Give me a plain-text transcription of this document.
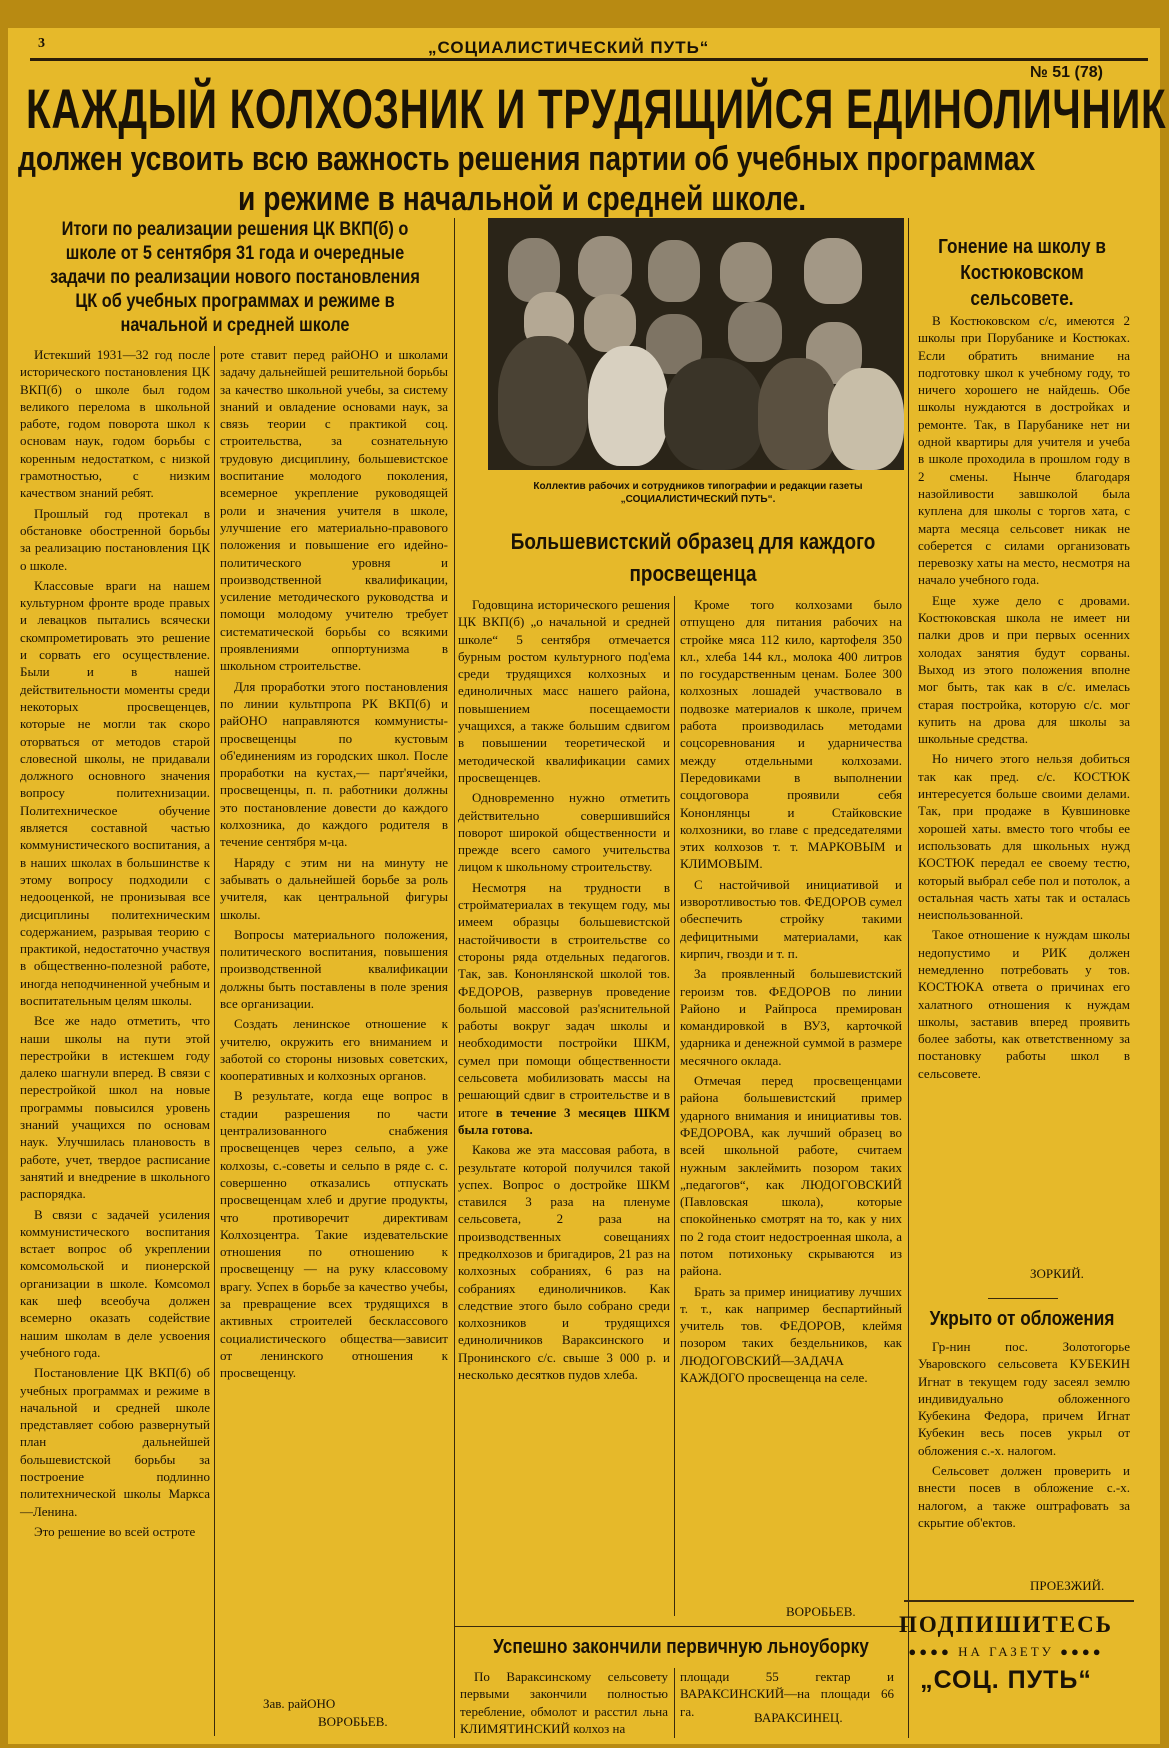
3	„СОЦИАЛИСТИЧЕСКИЙ ПУТЬ“
№ 51 (78)
КАЖДЫЙ КОЛХОЗНИК И ТРУДЯЩИЙСЯ ЕДИНОЛИЧНИК
должен усвоить всю важность решения партии об учебных программах
и режиме в начальной и средней школе.
Итоги по реализации решения ЦК ВКП(б) о школе от 5 сентября 31 года и очередные задачи по реализации нового постановления ЦК об учебных программах и режиме в начальной и средней школе

Истекший 1931—32 год после исторического постановления ЦК ВКП(б) о школе был годом великого перелома в школьной работе, годом поворота школ к основам наук, годом борьбы с коренным недостатком, с низкой грамотностью, с низким качеством знаний ребят.

Прошлый год протекал в обстановке обостренной борьбы за реализацию постановления ЦК о школе.

Классовые враги на нашем культурном фронте вроде правых и левацков пытались всячески скомпрометировать это решение и сорвать его осуществление. Были и в нашей действительности моменты среди некоторых просвещенцев, которые не могли так скоро оторваться от методов старой словесной школы, не придавали должного основного значения вопросу политехнизации. Политехническое обучение является составной частью коммунистического воспитания, а в наших школах в большинстве к этому вопросу подходили с недооценкой, не пронизывая все дисциплины политехническим содержанием, разрывая теорию с практикой, недостаточно участвуя в общественно-полезной работе, иногда неподчиненной учебным и воспитательным целям школы.

Все же надо отметить, что наши школы на пути этой перестройки в истекшем году далеко шагнули вперед. В связи с перестройкой школ на новые программы повысился уровень знаний учащихся по основам наук. Улучшилась плановость в работе, учет, твердое расписание занятий и внедрение в школьного распорядка.

В связи с задачей усиления коммунистического воспитания встает вопрос об укреплении комсомольской и пионерской организации в школе. Комсомол как шеф всеобуча должен всемерно оказать содействие нашим школам в деле усвоения учебного года.

Постановление ЦК ВКП(б) об учебных программах и режиме в начальной и средней школе представляет собою развернутый план дальнейшей большевистской борьбы за построение подлинно политехнической школы Маркса—Ленина.

Это решение во всей остроте

роте ставит перед райОНО и школами задачу дальнейшей решительной борьбы за качество школьной учебы, за систему знаний и овладение основами наук, за связь теории с практикой соц. строительства, за сознательную трудовую дисциплину, большевистское воспитание молодого поколения, всемерное укрепление руководящей роли и значения учителя в школе, улучшение его материально-правового положения и повышение его идейно-политического уровня и производственной квалификации, усиление методического руководства и помощи молодому учителю требует систематической борьбы со всякими проявлениями оппортунизма в школьном строительстве.

Для проработки этого постановления по линии культпропа РК ВКП(б) и райОНО направляются коммунисты-просвещенцы по кустовым об'единениям из городских школ. После проработки на кустах,— парт'ячейки, просвещенцы, п. п. работники должны это постановление довести до каждого колхозника, до каждого родителя в течение сентября м-ца.

Наряду с этим ни на минуту не забывать о дальнейшей борьбе за роль учителя, как центральной фигуры школы.

Вопросы материального положения, политического воспитания, повышения производственной квалификации должны быть поставлены в поле зрения все организации.

Создать ленинское отношение к учителю, окружить его вниманием и заботой со стороны низовых советских, кооперативных и колхозных органов.

В результате, когда еще вопрос в стадии разрешения по части централизованного снабжения просвещенцев через сельпо, а уже колхозы, с.-советы и сельпо в ряде с. с. совершенно отказались отпускать просвещенцам хлеб и другие продукты, что противоречит директивам Колхозцентра. Такие издевательские отношения по отношению к просвещенцу — на руку классовому врагу. Успех в борьбе за качество учебы, за превращение всех трудящихся в активных строителей бесклассового социалистического общества—зависит от ленинского отношения к просвещенцу.

Зав. райОНО
ВОРОБЬЕВ.
Коллектив рабочих и сотрудников типографии и редакции газеты „СОЦИАЛИСТИЧЕСКИЙ ПУТЬ“.
Большевистский образец для каждого просвещенца

Годовщина исторического решения ЦК ВКП(б) „о начальной и средней школе“ 5 сентября отмечается бурным ростом культурного под'ема среди трудящихся колхозных и единоличных масс нашего района, повышением посещаемости учащихся, а также большим сдвигом в повышении теоретической и методической квалификации самих просвещенцев.

Одновременно нужно отметить действительно совершившийся поворот широкой общественности и прежде всего самого учительства лицом к школьному строительству.

Несмотря на трудности в стройматериалах в текущем году, мы имеем образцы большевистской настойчивости в строительстве со стороны ряда отдельных педагогов. Так, зав. Кононлянской школой тов. ФЕДОРОВ, развернув проведение большой массовой раз'яснительной работы вокруг задач школы и необходимости постройки ШКМ, сумел при помощи общественности сельсовета мобилизовать массы на решающий сдвиг в строительстве и в итоге в течение 3 месяцев ШКМ была готова.

Какова же эта массовая работа, в результате которой получился такой успех. Вопрос о достройке ШКМ ставился 3 раза на пленуме сельсовета, 2 раза на производственных совещаниях предколхозов и бригадиров, 21 раз на колхозных собраниях, 6 раз на собраниях единоличников. Как следствие этого было собрано среди колхозников и трудящихся единоличников Вараксинского и Пронинского с/с. свыше 3 000 р. и несколько десятков пудов хлеба.

Кроме того колхозами было отпущено для питания рабочих на стройке мяса 112 кило, картофеля 350 кл., хлеба 144 кл., молока 400 литров по государственным ценам. Более 300 колхозных лошадей участвовало в подвозке материалов к школе, причем работа производилась методами соцсоревнования и ударничества между отдельными колхозами. Передовиками в выполнении соцдоговора проявили себя Кононлянцы и Стайковские колхозники, во главе с председателями этих колхозов т. т. МАРКОВЫМ и КЛИМОВЫМ.

С настойчивой инициативой и изворотливостью тов. ФЕДОРОВ сумел обеспечить стройку такими дефицитными материалами, как кирпич, гвозди и т. п.

За проявленный большевистский героизм тов. ФЕДОРОВ по линии Районо и Райпроса премирован командировкой в ВУЗ, карточкой ударника и денежной суммой в размере месячного оклада.

Отмечая перед просвещенцами района большевистский пример ударного внимания и инициативы тов. ФЕДОРОВА, как лучший образец во всей школьной работе, считаем нужным заклеймить позором таких „педагогов“, как ЛЮДОГОВСКИЙ (Павловская школа), которые спокойненько смотрят на то, как у них по 2 года стоит недостроенная школа, а потом потихоньку скрываются из района.

Брать за пример инициативу лучших т. т., как например беспартийный учитель тов. ФЕДОРОВ, клеймя позором таких бездельников, как ЛЮДОГОВСКИЙ—ЗАДАЧА КАЖДОГО просвещенца на селе.

ВОРОБЬЕВ.
Успешно закончили первичную льноуборку

По Вараксинскому сельсовету первыми закончили полностью теребление, обмолот и расстил льна КЛИМЯТИНСКИЙ колхоз на

площади 55 гектар и ВАРАКСИНСКИЙ—на площади 66 га.	ВАРАКСИНЕЦ.
Гонение на школу в Костюковском сельсовете.

В Костюковском с/с, имеются 2 школы при Порубанике и Костюках. Если обратить внимание на подготовку школ к учебному году, то ничего хорошего не найдешь. Обе школы нуждаются в достройках и ремонте. Так, в Парубанике нет ни одной квартиры для учителя и учеба в школе проходила в прошлом году в 2 смены. Нынче благодаря назойливости завшколой была куплена для школы с торгов хата, с марта месяца сельсовет никак не соберется с силами организовать перевозку хаты на место, несмотря на начало учебного года.

Еще хуже дело с дровами. Костюковская школа не имеет ни палки дров и при первых осенних холодах занятия будут сорваны. Выход из этого положения вполне мог быть, так как в с/с. имелась старая постройка, которую с/с. мог купить на дрова для школы за школьные средства.

Но ничего этого нельзя добиться так как пред. с/с. КОСТЮК интересуется больше своими делами. Так, при продаже в Кувшиновке хорошей хаты. вместо того чтобы ее использовать для школьных нужд КОСТЮК передал ее своему тестю, который выбрал себе пол и потолок, а остальная часть хаты так и осталась неиспользованной.

Такое отношение к нуждам школы недопустимо и РИК должен немедленно потребовать у тов. КОСТЮКА ответа о причинах его халатного отношения к нуждам школы, заставив вперед проявить более заботы, как ответственному за постановку работы школ в сельсовете.

ЗОРКИЙ.
Укрыто от обложения

Гр-нин пос. Золотогорье Уваровского сельсовета КУБЕКИН Игнат в текущем году засеял землю индивидуально обложенного Кубекина Федора, причем Игнат Кубекин весь посев укрыл от обложения с.-х. налогом.

Сельсовет должен проверить и внести посев в обложение с.-х. налогом, а также оштрафовать за скрытие об'ектов.

ПРОЕЗЖИЙ.
ПОДПИШИТЕСЬ
●●●● НА ГАЗЕТУ ●●●●
„СОЦ. ПУТЬ“
